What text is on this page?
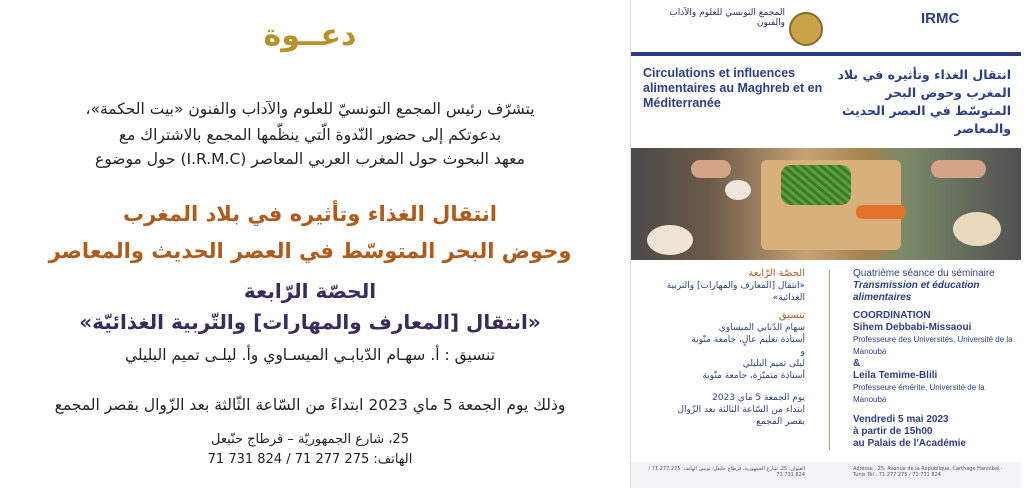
دعــوة
يتشرّف رئيس المجمع التونسيّ للعلوم والآداب والفنون «بيت الحكمة»،
بدعوتكم إلى حضور النّدوة الّتي ينظّمها المجمع بالاشتراك مع
معهد البحوث حول المغرب العربي المعاصر (I.R.M.C) حول موضوع
انتقال الغذاء وتأثيره في بلاد المغرب
وحوض البحر المتوسّط في العصر الحديث والمعاصر
الحصّة الرّابعة
«انتقال [المعارف والمهارات] والتّربية الغذائيّة»
تنسيق : أ. سهـام الدّبابـي الميسـاوي وأ. ليلـى تميم البليلي
وذلك يوم الجمعة 5 ماي 2023 ابتداءً من السّاعة الثّالثة بعد الزّوال بقصر المجمع
25، شارع الجمهوريّة – قرطاج حنّبعل
الهاتف: 275 277 71 / 824 731 71
المجمع التونسي للعلوم والآداب والفنون	IRMC
Circulations et influences alimentaires au Maghreb et en Méditerranée
انتقال الغذاء وتأثيره في بلاد المغرب وحوض البحر المتوسّط في العصر الحديث والمعاصر
الحصّة الرّابعة
«انتقال [المعارف والمهارات] والتربية الغذائية»
تنسيق
سهام الدّبابي الميساوي
أستاذة تعليم عالٍ، جامعة منّوبة
و
ليلى تميم البليلي
أستاذة متميّزة، جامعة منّوبة
يوم الجمعة 5 ماي 2023
ابتداء من السّاعة الثالثة بعد الزّوال
بقصر المجمع
Quatrième séance du séminaire
Transmission et éducation alimentaires
COORDINATION
Sihem Debbabi-Missaoui
Professeure des Universités, Université de la Manouba
&
Leila Temime-Blili
Professeure émérite, Université de la Manouba
Vendredi 5 mai 2023
à partir de 15h00
au Palais de l'Académie
Adresse : 25, Avenue de la République, Carthage Hannibal - Tunis Tél : 71 277 275 / 71 731 824
العنوان: 25، شارع الجمهورية، قرطاج حنّبعل، تونس الهاتف: 275 277 71 / 824 731 71
